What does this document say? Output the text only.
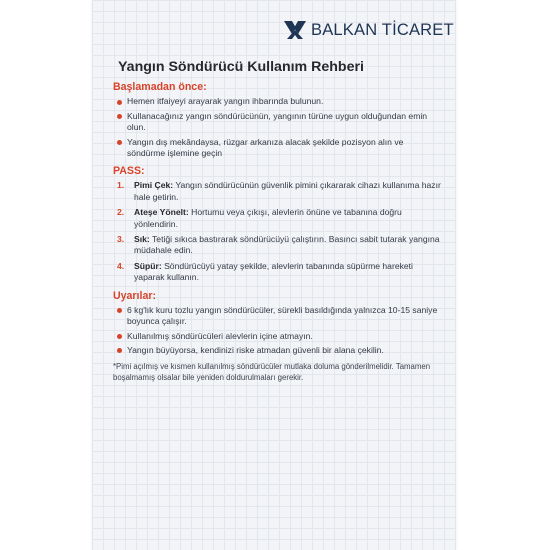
BALKAN TİCARET
Yangın Söndürücü Kullanım Rehberi
Başlamadan önce:
Hemen itfaiyeyi arayarak yangın ihbarında bulunun.
Kullanacağınız yangın söndürücünün, yangının türüne uygun olduğundan emin olun.
Yangın dış mekândaysa, rüzgar arkanıza alacak şekilde pozisyon alın ve söndürme işlemine geçin
PASS:
1. Pimi Çek: Yangın söndürücünün güvenlik pimini çıkararak cihazı kullanıma hazır hale getirin.
2. Ateşe Yönelt: Hortumu veya çıkışı, alevlerin önüne ve tabanına doğru yönlendirin.
3. Sık: Tetiği sıkıca bastırarak söndürücüyü çalıştırın. Basıncı sabit tutarak yangına müdahale edin.
4. Süpür: Söndürücüyü yatay şekilde, alevlerin tabanında süpürme hareketi yaparak kullanın.
Uyarılar:
6 kg'lık kuru tozlu yangın söndürücüler, sürekli basıldığında yalnızca 10-15 saniye boyunca çalışır.
Kullanılmış söndürücüleri alevlerin içine atmayın.
Yangın büyüyorsa, kendinizi riske atmadan güvenli bir alana çekilin.
*Pimi açılmış ve kısmen kullanılmış söndürücüler mutlaka doluma gönderilmelidir. Tamamen boşalmamış olsalar bile yeniden doldurulmaları gerekir.
